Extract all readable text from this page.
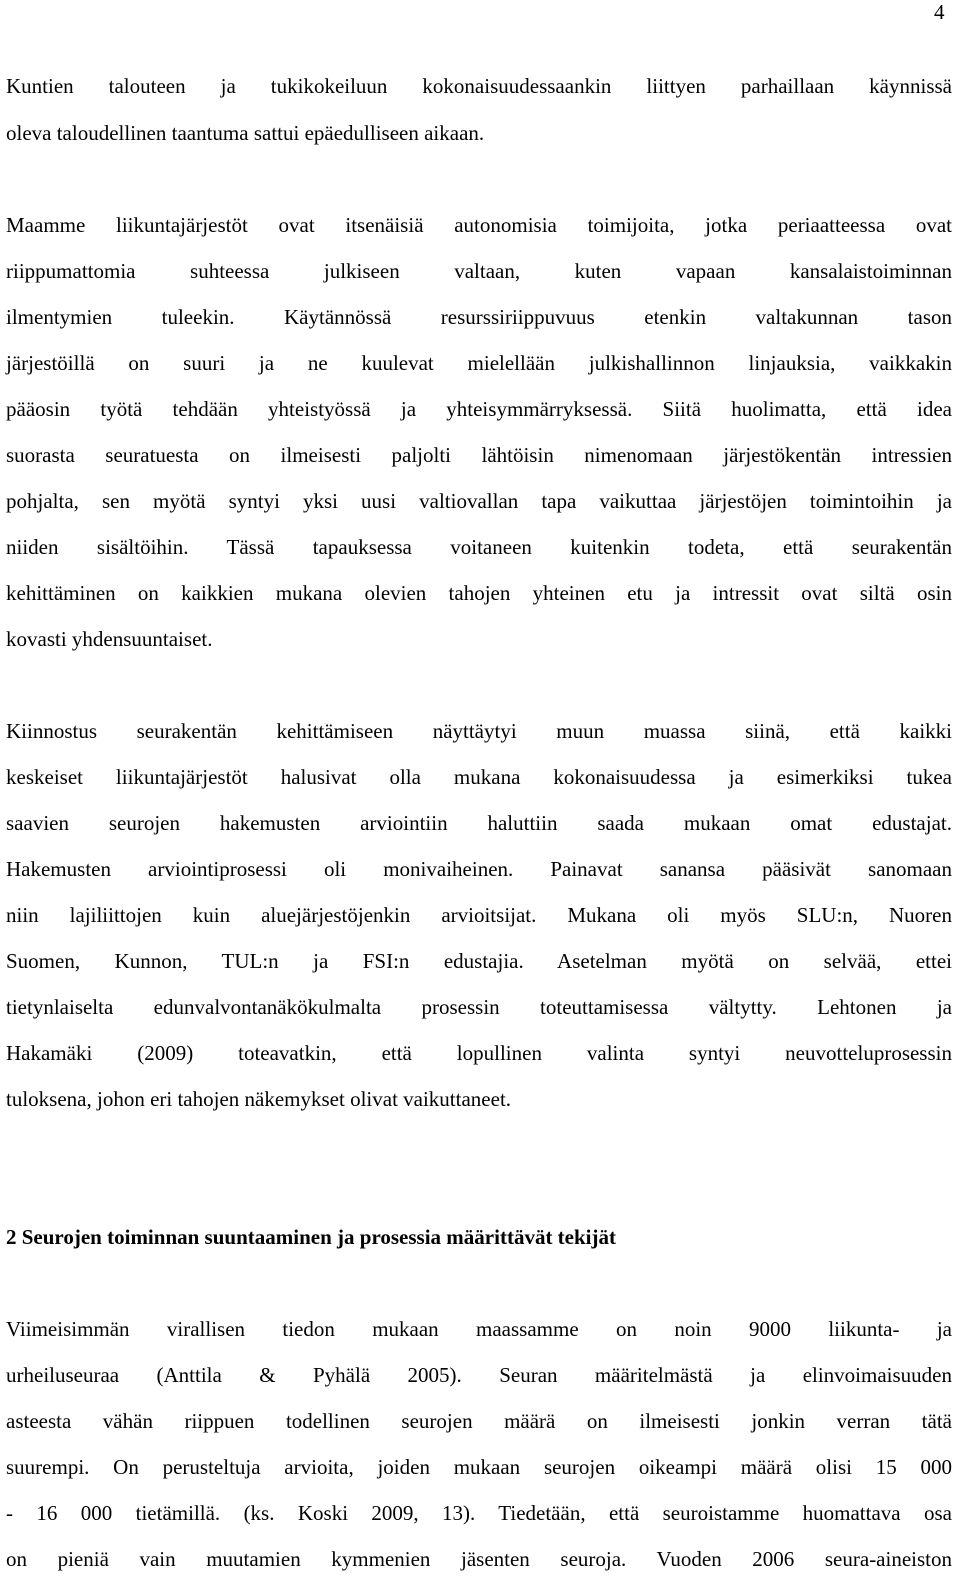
4
Kuntien talouteen ja tukikokeiluun kokonaisuudessaankin liittyen parhaillaan käynnissä
oleva taloudellinen taantuma sattui epäedulliseen aikaan.
Maamme liikuntajärjestöt ovat itsenäisiä autonomisia toimijoita, jotka periaatteessa ovat
riippumattomia suhteessa julkiseen valtaan, kuten vapaan kansalaistoiminnan
ilmentymien tuleekin. Käytännössä resurssiriippuvuus etenkin valtakunnan tason
järjestöillä on suuri ja ne kuulevat mielellään julkishallinnon linjauksia, vaikkakin
pääosin työtä tehdään yhteistyössä ja yhteisymmärryksessä. Siitä huolimatta, että idea
suorasta seuratuesta on ilmeisesti paljolti lähtöisin nimenomaan järjestökentän intressien
pohjalta, sen myötä syntyi yksi uusi valtiovallan tapa vaikuttaa järjestöjen toimintoihin ja
niiden sisältöihin. Tässä tapauksessa voitaneen kuitenkin todeta, että seurakentän
kehittäminen on kaikkien mukana olevien tahojen yhteinen etu ja intressit ovat siltä osin
kovasti yhdensuuntaiset.
Kiinnostus seurakentän kehittämiseen näyttäytyi muun muassa siinä, että kaikki
keskeiset liikuntajärjestöt halusivat olla mukana kokonaisuudessa ja esimerkiksi tukea
saavien seurojen hakemusten arviointiin haluttiin saada mukaan omat edustajat.
Hakemusten arviointiprosessi oli monivaiheinen. Painavat sanansa pääsivät sanomaan
niin lajiliittojen kuin aluejärjestöjenkin arvioitsijat. Mukana oli myös SLU:n, Nuoren
Suomen, Kunnon, TUL:n ja FSI:n edustajia. Asetelman myötä on selvää, ettei
tietynlaiselta edunvalvontanäkökulmalta prosessin toteuttamisessa vältytty. Lehtonen ja
Hakamäki (2009) toteavatkin, että lopullinen valinta syntyi neuvotteluprosessin
tuloksena, johon eri tahojen näkemykset olivat vaikuttaneet.
2 Seurojen toiminnan suuntaaminen ja prosessia määrittävät tekijät
Viimeisimmän virallisen tiedon mukaan maassamme on noin 9000 liikunta- ja
urheiluseuraa (Anttila & Pyhälä 2005). Seuran määritelmästä ja elinvoimaisuuden
asteesta vähän riippuen todellinen seurojen määrä on ilmeisesti jonkin verran tätä
suurempi. On perusteltuja arvioita, joiden mukaan seurojen oikeampi määrä olisi 15 000
- 16 000 tietämillä. (ks. Koski 2009, 13). Tiedetään, että seuroistamme huomattava osa
on pieniä vain muutamien kymmenien jäsenten seuroja. Vuoden 2006 seura-aineiston
